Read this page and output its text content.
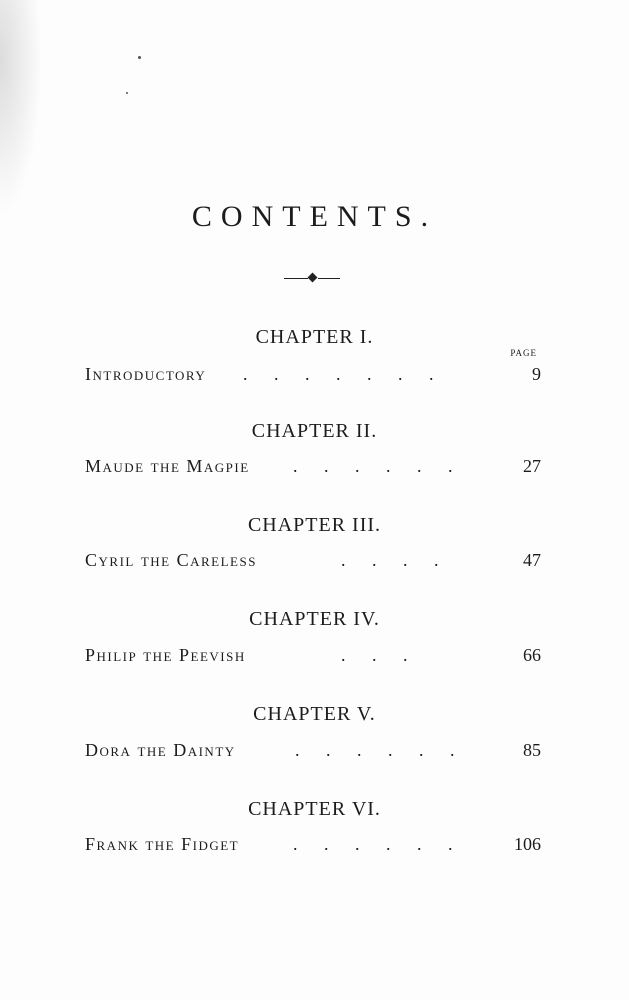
CONTENTS.
CHAPTER I.
PAGE
Introductory . . . . . . .	9
CHAPTER II.
Maude the Magpie . . . . . .	27
CHAPTER III.
Cyril the Careless	. . . .	47
CHAPTER IV.
Philip the Peevish	. . .	66
CHAPTER V.
Dora the Dainty	. . . . . .	85
CHAPTER VI.
Frank the Fidget	. . . . . .	106
